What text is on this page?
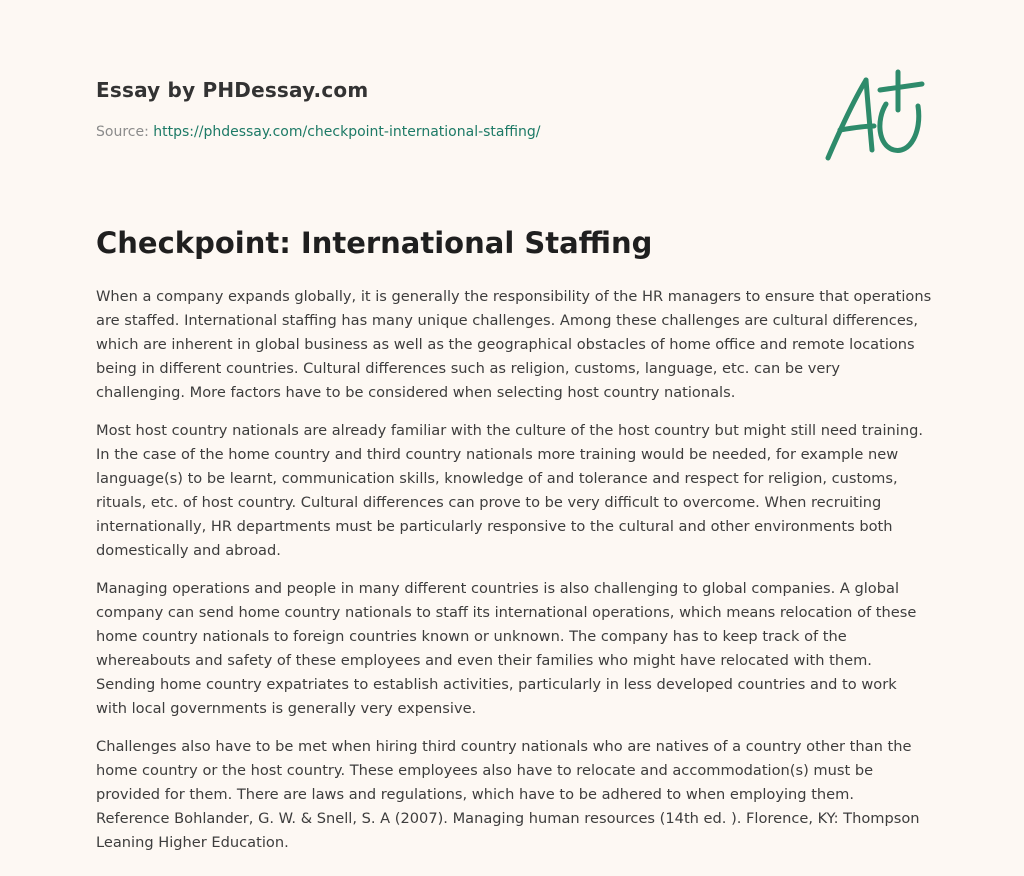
Essay by PHDessay.com
Source: https://phdessay.com/checkpoint-international-staffing/
Checkpoint: International Staffing

When a company expands globally, it is generally the responsibility of the HR managers to ensure that operations are staffed. International staffing has many unique challenges. Among these challenges are cultural differences, which are inherent in global business as well as the geographical obstacles of home office and remote locations being in different countries. Cultural differences such as religion, customs, language, etc. can be very challenging. More factors have to be considered when selecting host country nationals.

Most host country nationals are already familiar with the culture of the host country but might still need training. In the case of the home country and third country nationals more training would be needed, for example new language(s) to be learnt, communication skills, knowledge of and tolerance and respect for religion, customs, rituals, etc. of host country. Cultural differences can prove to be very difficult to overcome. When recruiting internationally, HR departments must be particularly responsive to the cultural and other environments both domestically and abroad.

Managing operations and people in many different countries is also challenging to global companies. A global company can send home country nationals to staff its international operations, which means relocation of these home country nationals to foreign countries known or unknown. The company has to keep track of the whereabouts and safety of these employees and even their families who might have relocated with them. Sending home country expatriates to establish activities, particularly in less developed countries and to work with local governments is generally very expensive.

Challenges also have to be met when hiring third country nationals who are natives of a country other than the home country or the host country. These employees also have to relocate and accommodation(s) must be provided for them. There are laws and regulations, which have to be adhered to when employing them. Reference Bohlander, G. W. & Snell, S. A (2007). Managing human resources (14th ed. ). Florence, KY: Thompson Leaning Higher Education.
